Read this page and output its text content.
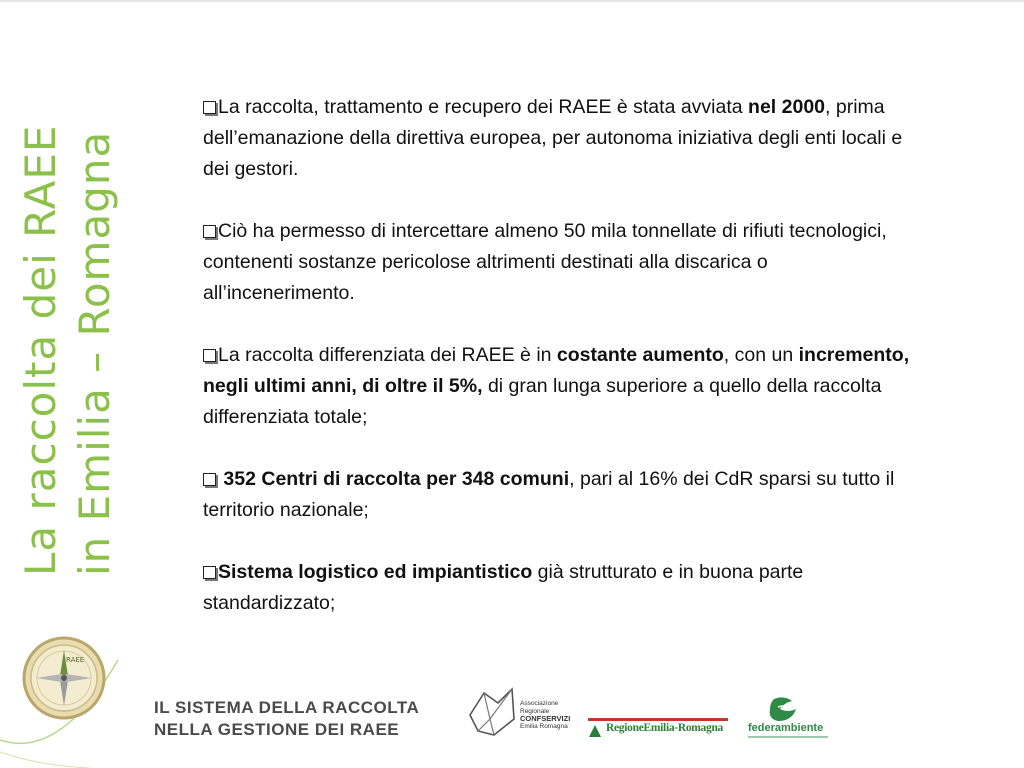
La raccolta dei RAEE in Emilia – Romagna

La raccolta, trattamento e recupero dei RAEE è stata avviata nel 2000, prima dell’emanazione della direttiva europea, per autonoma iniziativa degli enti locali e dei gestori.

Ciò ha permesso di intercettare almeno 50 mila tonnellate di rifiuti tecnologici, contenenti sostanze pericolose altrimenti destinati alla discarica o all’incenerimento.

La raccolta differenziata dei RAEE è in costante aumento, con un incremento, negli ultimi anni, di oltre il 5%, di gran lunga superiore a quello della raccolta differenziata totale;

352 Centri di raccolta per 348 comuni, pari al 16% dei CdR sparsi su tutto il territorio nazionale;

Sistema logistico ed impiantistico già strutturato e in buona parte standardizzato;

RAEE
IL SISTEMA DELLA RACCOLTA
NELLA GESTIONE DEI RAEE
Associazione
Regionale
CONFSERVIZI
Emilia Romagna	RegioneEmilia-Romagna federambiente
